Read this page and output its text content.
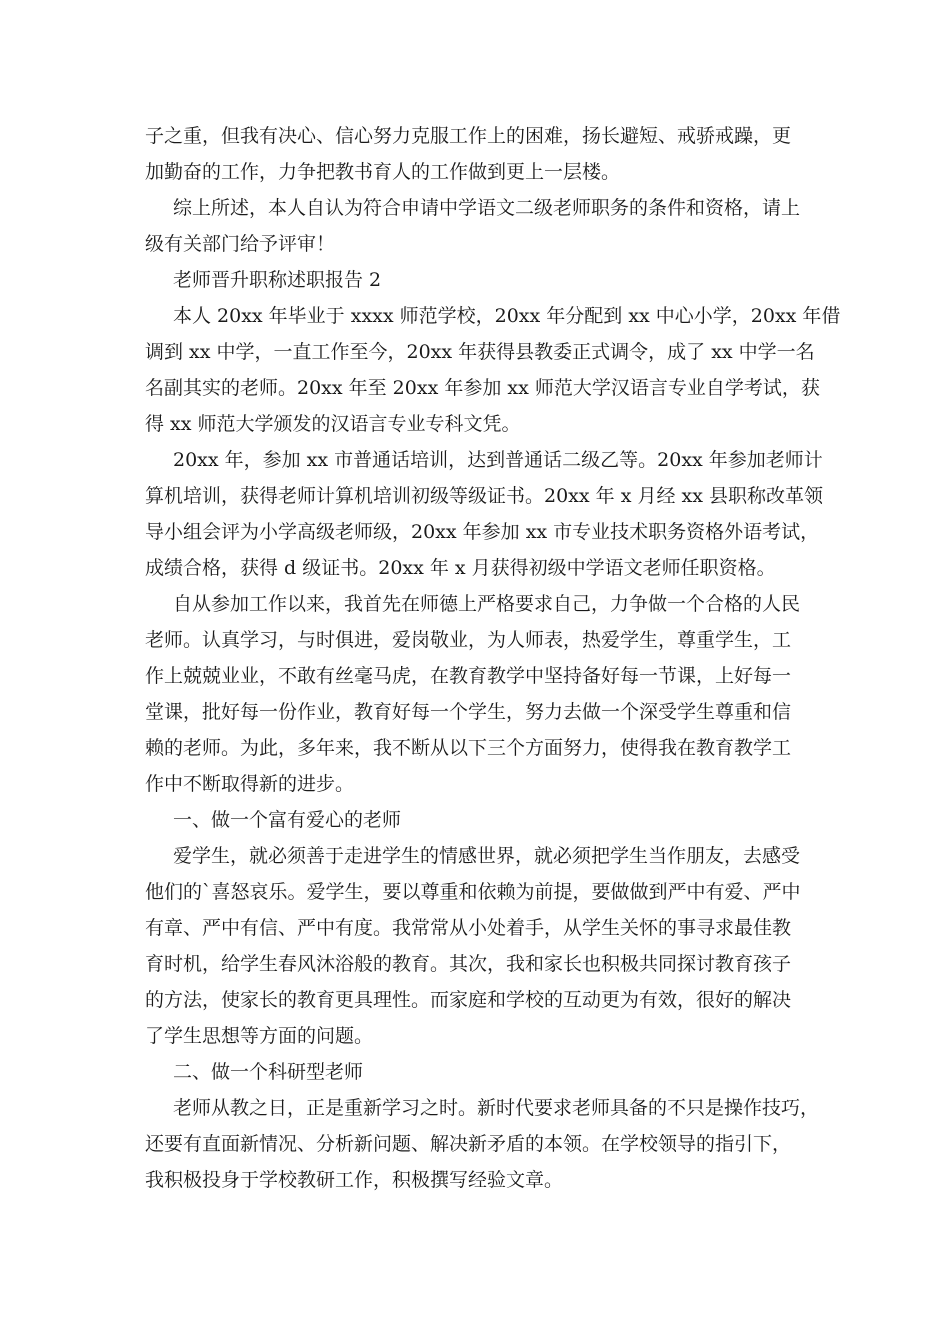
子之重，但我有决心、信心努力克服工作上的困难，扬长避短、戒骄戒躁，更
加勤奋的工作，力争把教书育人的工作做到更上一层楼。
综上所述，本人自认为符合申请中学语文二级老师职务的条件和资格，请上
级有关部门给予评审！
老师晋升职称述职报告 2
本人 20xx 年毕业于 xxxx 师范学校，20xx 年分配到 xx 中心小学，20xx 年借
调到 xx 中学，一直工作至今，20xx 年获得县教委正式调令，成了 xx 中学一名
名副其实的老师。20xx 年至 20xx 年参加 xx 师范大学汉语言专业自学考试，获
得 xx 师范大学颁发的汉语言专业专科文凭。
20xx 年，参加 xx 市普通话培训，达到普通话二级乙等。20xx 年参加老师计
算机培训，获得老师计算机培训初级等级证书。20xx 年 x 月经 xx 县职称改革领
导小组会评为小学高级老师级，20xx 年参加 xx 市专业技术职务资格外语考试，
成绩合格，获得 d 级证书。20xx 年 x 月获得初级中学语文老师任职资格。
自从参加工作以来，我首先在师德上严格要求自己，力争做一个合格的人民
老师。认真学习，与时俱进，爱岗敬业，为人师表，热爱学生，尊重学生，工
作上兢兢业业，不敢有丝毫马虎，在教育教学中坚持备好每一节课，上好每一
堂课，批好每一份作业，教育好每一个学生，努力去做一个深受学生尊重和信
赖的老师。为此，多年来，我不断从以下三个方面努力，使得我在教育教学工
作中不断取得新的进步。
一、做一个富有爱心的老师
爱学生，就必须善于走进学生的情感世界，就必须把学生当作朋友，去感受
他们的`喜怒哀乐。爱学生，要以尊重和依赖为前提，要做做到严中有爱、严中
有章、严中有信、严中有度。我常常从小处着手，从学生关怀的事寻求最佳教
育时机，给学生春风沐浴般的教育。其次，我和家长也积极共同探讨教育孩子
的方法，使家长的教育更具理性。而家庭和学校的互动更为有效，很好的解决
了学生思想等方面的问题。
二、做一个科研型老师
老师从教之日，正是重新学习之时。新时代要求老师具备的不只是操作技巧，
还要有直面新情况、分析新问题、解决新矛盾的本领。在学校领导的指引下，
我积极投身于学校教研工作，积极撰写经验文章。
